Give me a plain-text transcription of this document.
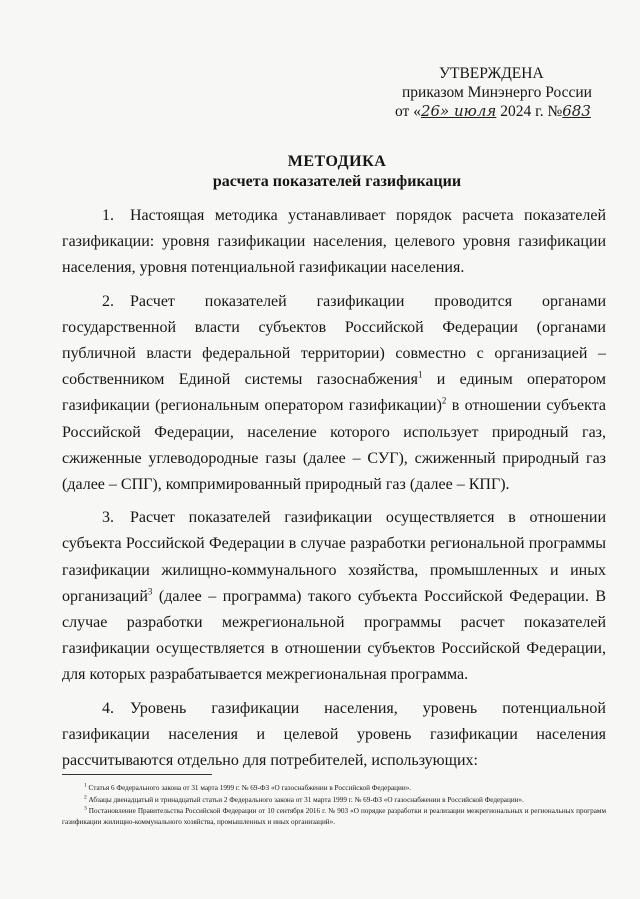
УТВЕРЖДЕНА
приказом Минэнерго России
от «26» июля 2024 г. №683
МЕТОДИКА
расчета показателей газификации

1. Настоящая методика устанавливает порядок расчета показателей газификации: уровня газификации населения, целевого уровня газификации населения, уровня потенциальной газификации населения.

2. Расчет показателей газификации проводится органами государственной власти субъектов Российской Федерации (органами публичной власти федеральной территории) совместно с организацией – собственником Единой системы газоснабжения$^1$ и единым оператором газификации (региональным оператором газификации)$^2$ в отношении субъекта Российской Федерации, население которого использует природный газ, сжиженные углеводородные газы (далее – СУГ), сжиженный природный газ (далее – СПГ), компримированный природный газ (далее – КПГ).

3. Расчет показателей газификации осуществляется в отношении субъекта Российской Федерации в случае разработки региональной программы газификации жилищно-коммунального хозяйства, промышленных и иных организаций$^3$ (далее – программа) такого субъекта Российской Федерации. В случае разработки межрегиональной программы расчет показателей газификации осуществляется в отношении субъектов Российской Федерации, для которых разрабатывается межрегиональная программа.

4. Уровень газификации населения, уровень потенциальной газификации населения и целевой уровень газификации населения рассчитываются отдельно для потребителей, использующих:

$^1$ Статья 6 Федерального закона от 31 марта 1999 г. № 69-ФЗ «О газоснабжении в Российской Федерации».

$^2$ Абзацы двенадцатый и тринадцатый статьи 2 Федерального закона от 31 марта 1999 г. № 69-ФЗ «О газоснабжении в Российской Федерации».

$^3$ Постановление Правительства Российской Федерации от 10 сентября 2016 г. № 903 «О порядке разработки и реализации межрегиональных и региональных программ газификации жилищно-коммунального хозяйства, промышленных и иных организаций».
